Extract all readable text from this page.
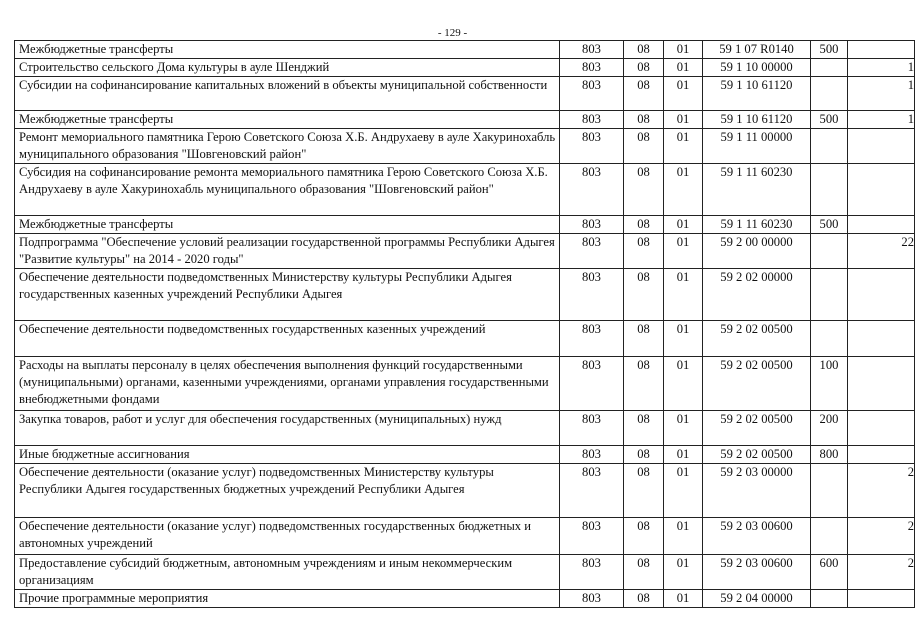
- 129 -
Межбюджетные трансферты	803	08	01	59 1 07 R0140	500	
Строительство сельского Дома культуры в ауле Шенджий	803	08	01	59 1 10 00000		1
Субсидии на софинансирование капитальных вложений в объекты муниципальной собственности	803	08	01	59 1 10 61120		1
Межбюджетные трансферты	803	08	01	59 1 10 61120	500	1
Ремонт мемориального памятника Герою Советского Союза Х.Б. Андрухаеву в ауле Хакуринохабль муниципального образования "Шовгеновский район"	803	08	01	59 1 11 00000		
Субсидия на софинансирование ремонта мемориального памятника Герою Советского Союза Х.Б. Андрухаеву в ауле Хакуринохабль муниципального образования "Шовгеновский район"	803	08	01	59 1 11 60230		
Межбюджетные трансферты	803	08	01	59 1 11 60230	500	
Подпрограмма "Обеспечение условий реализации государственной программы Республики Адыгея "Развитие культуры" на 2014 - 2020 годы"	803	08	01	59 2 00 00000		22
Обеспечение деятельности подведомственных Министерству культуры Республики Адыгея государственных казенных учреждений Республики Адыгея	803	08	01	59 2 02 00000		
Обеспечение деятельности подведомственных государственных казенных учреждений	803	08	01	59 2 02 00500		
Расходы на выплаты персоналу в целях обеспечения выполнения функций государственными (муниципальными) органами, казенными учреждениями, органами управления государственными внебюджетными фондами	803	08	01	59 2 02 00500	100	
Закупка товаров, работ и услуг для обеспечения государственных (муниципальных) нужд	803	08	01	59 2 02 00500	200	
Иные бюджетные ассигнования	803	08	01	59 2 02 00500	800	
Обеспечение деятельности (оказание услуг) подведомственных Министерству культуры Республики Адыгея государственных бюджетных учреждений Республики Адыгея	803	08	01	59 2 03 00000		2
Обеспечение деятельности (оказание услуг) подведомственных государственных бюджетных и автономных учреждений	803	08	01	59 2 03 00600		2
Предоставление субсидий бюджетным, автономным учреждениям и иным некоммерческим организациям	803	08	01	59 2 03 00600	600	2
Прочие программные мероприятия	803	08	01	59 2 04 00000		
